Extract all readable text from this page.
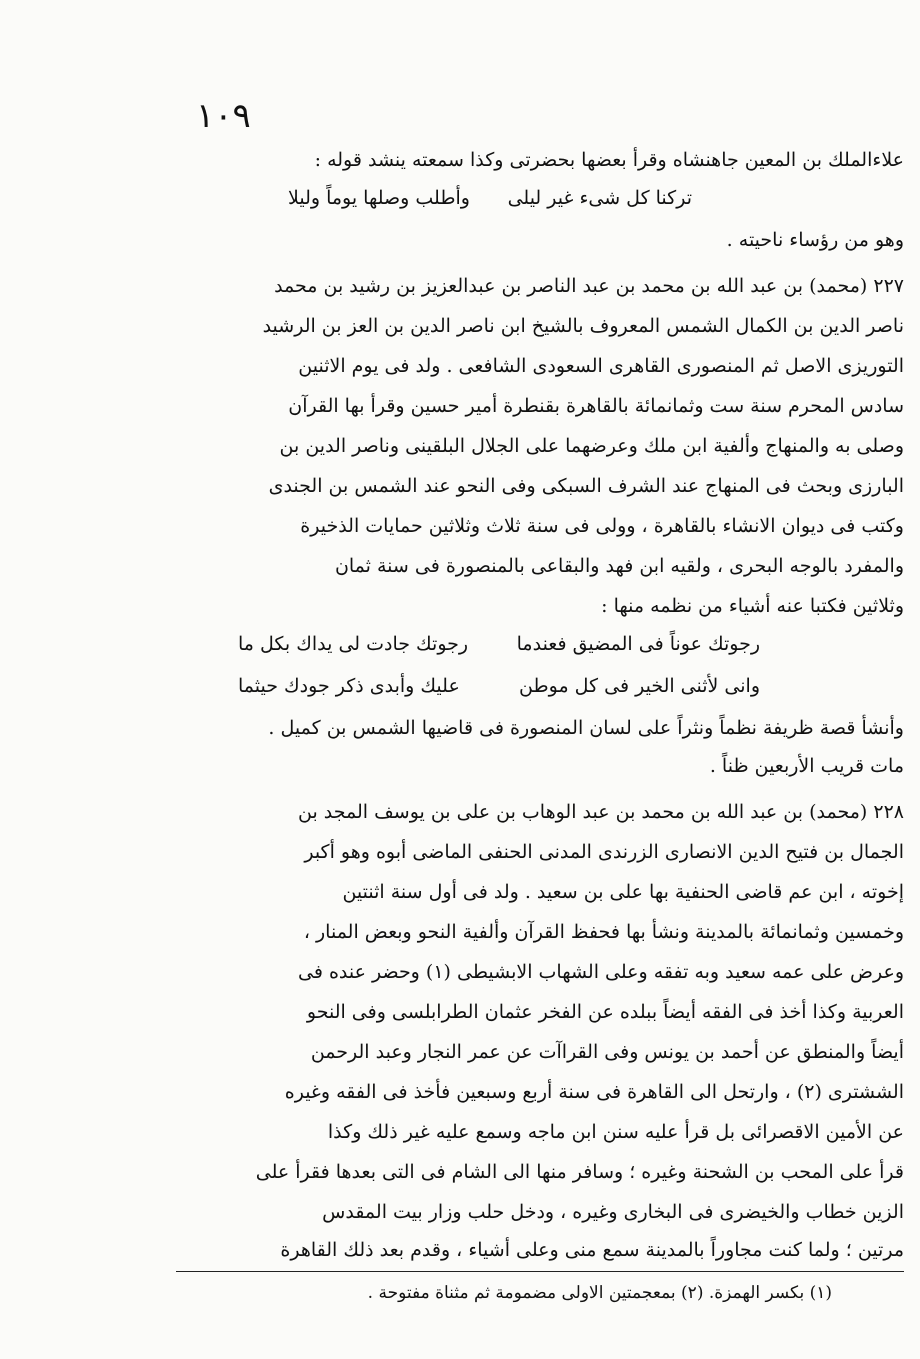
١٠٩
علاءالملك بن المعين جاهنشاه وقرأ بعضها بحضرتى وكذا سمعته ينشد قوله :
تركنا كل شىء غير ليلى
وأطلب وصلها يوماً وليلا
وهو من رؤساء ناحيته .
٢٢٧ (محمد) بن عبد الله بن محمد بن عبد الناصر بن عبدالعزيز بن رشيد بن محمد
ناصر الدين بن الكمال الشمس المعروف بالشيخ ابن ناصر الدين بن العز بن الرشيد
التوريزى الاصل ثم المنصورى القاهرى السعودى الشافعى . ولد فى يوم الاثنين
سادس المحرم سنة ست وثمانمائة بالقاهرة بقنطرة أمير حسين وقرأ بها القرآن
وصلى به والمنهاج وألفية ابن ملك وعرضهما على الجلال البلقينى وناصر الدين بن
البارزى وبحث فى المنهاج عند الشرف السبكى وفى النحو عند الشمس بن الجندى
وكتب فى ديوان الانشاء بالقاهرة ، وولى فى سنة ثلاث وثلاثين حمايات الذخيرة
والمفرد بالوجه البحرى ، ولقيه ابن فهد والبقاعى بالمنصورة فى سنة ثمان
وثلاثين فكتبا عنه أشياء من نظمه منها :
رجوتك عوناً فى المضيق فعندما
رجوتك جادت لى يداك بكل ما
وانى لأثنى الخير فى كل موطن
عليك وأبدى ذكر جودك حيثما
وأنشأ قصة ظريفة نظماً ونثراً على لسان المنصورة فى قاضيها الشمس بن كميل .
مات قريب الأربعين ظناً .
٢٢٨ (محمد) بن عبد الله بن محمد بن عبد الوهاب بن على بن يوسف المجد بن
الجمال بن فتيح الدين الانصارى الزرندى المدنى الحنفى الماضى أبوه وهو أكبر
إخوته ، ابن عم قاضى الحنفية بها على بن سعيد . ولد فى أول سنة اثنتين
وخمسين وثمانمائة بالمدينة ونشأ بها فحفظ القرآن وألفية النحو وبعض المنار ،
وعرض على عمه سعيد وبه تفقه وعلى الشهاب الابشيطى (١) وحضر عنده فى
العربية وكذا أخذ فى الفقه أيضاً ببلده عن الفخر عثمان الطرابلسى وفى النحو
أيضاً والمنطق عن أحمد بن يونس وفى القراآت عن عمر النجار وعبد الرحمن
الششترى (٢) ، وارتحل الى القاهرة فى سنة أربع وسبعين فأخذ فى الفقه وغيره
عن الأمين الاقصرائى بل قرأ عليه سنن ابن ماجه وسمع عليه غير ذلك وكذا
قرأ على المحب بن الشحنة وغيره ؛ وسافر منها الى الشام فى التى بعدها فقرأ على
الزين خطاب والخيضرى فى البخارى وغيره ، ودخل حلب وزار بيت المقدس
مرتين ؛ ولما كنت مجاوراً بالمدينة سمع منى وعلى أشياء ، وقدم بعد ذلك القاهرة
(١) بكسر الهمزة. (٢) بمعجمتين الاولى مضمومة ثم مثناة مفتوحة .
